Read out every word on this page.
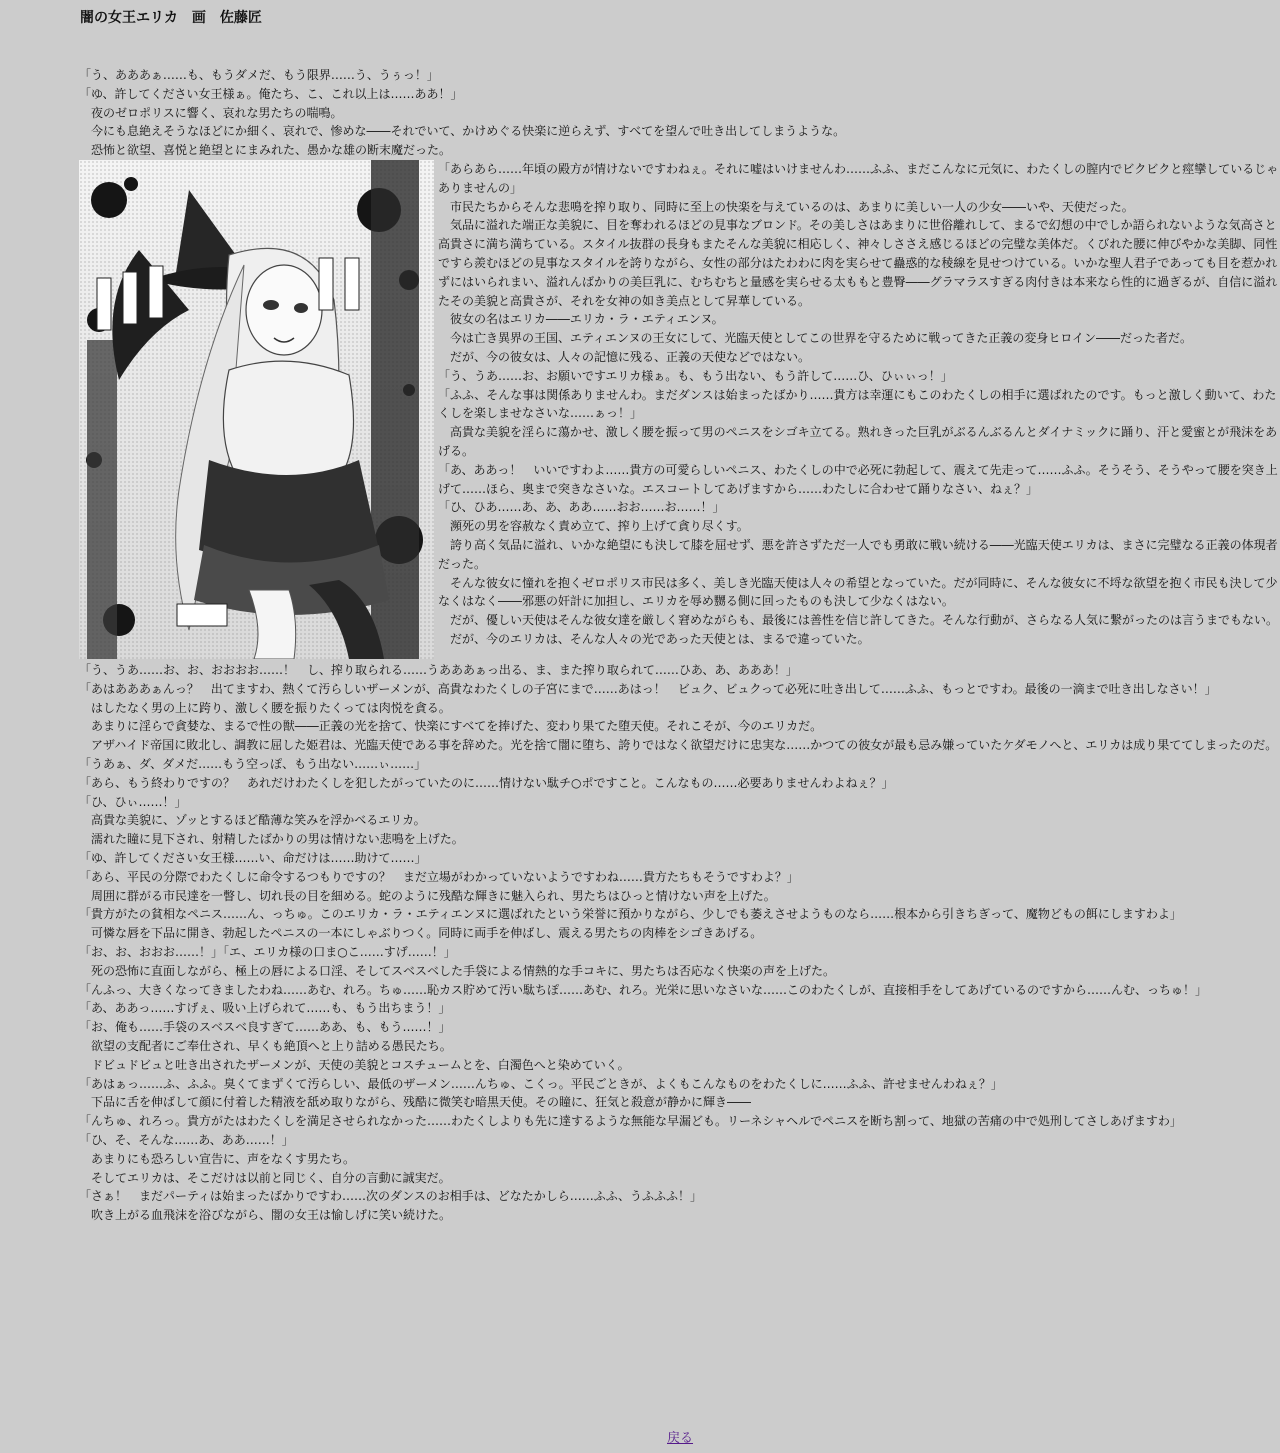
闇の女王エリカ　画　佐藤匠

「う、あああぁ……も、もうダメだ、もう限界……う、うぅっ！」

「ゆ、許してください女王様ぁ。俺たち、こ、これ以上は……ああ！」

　夜のゼロポリスに響く、哀れな男たちの喘鳴。

　今にも息絶えそうなほどにか細く、哀れで、惨めな――それでいて、かけめぐる快楽に逆らえず、すべてを望んで吐き出してしまうような。

　恐怖と欲望、喜悦と絶望とにまみれた、愚かな雄の断末魔だった。

「あらあら……年頃の殿方が情けないですわねぇ。それに嘘はいけませんわ……ふふ、まだこんなに元気に、わたくしの膣内でビクビクと痙攣しているじゃありませんの」

　市民たちからそんな悲鳴を搾り取り、同時に至上の快楽を与えているのは、あまりに美しい一人の少女――いや、天使だった。

　気品に溢れた端正な美貌に、目を奪われるほどの見事なブロンド。その美しさはあまりに世俗離れして、まるで幻想の中でしか語られないような気高さと高貴さに満ち満ちている。スタイル抜群の長身もまたそんな美貌に相応しく、神々しささえ感じるほどの完璧な美体だ。くびれた腰に伸びやかな美脚、同性ですら羨むほどの見事なスタイルを誇りながら、女性の部分はたわわに肉を実らせて蠱惑的な稜線を見せつけている。いかな聖人君子であっても目を惹かれずにはいられまい、溢れんばかりの美巨乳に、むちむちと量感を実らせる太ももと豊臀――グラマラスすぎる肉付きは本来なら性的に過ぎるが、自信に溢れたその美貌と高貴さが、それを女神の如き美点として昇華している。

　彼女の名はエリカ――エリカ・ラ・エティエンヌ。

　今は亡き異界の王国、エティエンヌの王女にして、光臨天使としてこの世界を守るために戦ってきた正義の変身ヒロイン――だった者だ。

　だが、今の彼女は、人々の記憶に残る、正義の天使などではない。

「う、うあ……お、お願いですエリカ様ぁ。も、もう出ない、もう許して……ひ、ひぃぃっ！」

「ふふ、そんな事は関係ありませんわ。まだダンスは始まったばかり……貴方は幸運にもこのわたくしの相手に選ばれたのです。もっと激しく動いて、わたくしを楽しませなさいな……ぁっ！」

　高貴な美貌を淫らに蕩かせ、激しく腰を振って男のペニスをシゴキ立てる。熟れきった巨乳がぶるんぶるんとダイナミックに踊り、汗と愛蜜とが飛沫をあげる。

「あ、ああっ！　いいですわよ……貴方の可愛らしいペニス、わたくしの中で必死に勃起して、震えて先走って……ふふ。そうそう、そうやって腰を突き上げて……ほら、奥まで突きなさいな。エスコートしてあげますから……わたしに合わせて踊りなさい、ねぇ？」

「ひ、ひあ……あ、あ、ああ……おお……お……！」

　瀕死の男を容赦なく責め立て、搾り上げて貪り尽くす。

　誇り高く気品に溢れ、いかな絶望にも決して膝を屈せず、悪を許さずただ一人でも勇敢に戦い続ける――光臨天使エリカは、まさに完璧なる正義の体現者だった。

　そんな彼女に憧れを抱くゼロポリス市民は多く、美しき光臨天使は人々の希望となっていた。だが同時に、そんな彼女に不埒な欲望を抱く市民も決して少なくはなく――邪悪の奸計に加担し、エリカを辱め嬲る側に回ったものも決して少なくはない。

　だが、優しい天使はそんな彼女達を厳しく窘めながらも、最後には善性を信じ許してきた。そんな行動が、さらなる人気に繋がったのは言うまでもない。

　だが、今のエリカは、そんな人々の光であった天使とは、まるで違っていた。

「う、うあ……お、お、おおおお……！　し、搾り取られる……うあああぁっ出る、ま、また搾り取られて……ひあ、あ、あああ！」

「あはあああぁんっ？　出てますわ、熱くて汚らしいザーメンが、高貴なわたくしの子宮にまで……あはっ！　ビュク、ビュクって必死に吐き出して……ふふ、もっとですわ。最後の一滴まで吐き出しなさい！」

　はしたなく男の上に跨り、激しく腰を振りたくっては肉悦を貪る。

　あまりに淫らで貪婪な、まるで性の獣――正義の光を捨て、快楽にすべてを捧げた、変わり果てた堕天使。それこそが、今のエリカだ。

　アザハイド帝国に敗北し、調教に屈した姫君は、光臨天使である事を辞めた。光を捨て闇に堕ち、誇りではなく欲望だけに忠実な……かつての彼女が最も忌み嫌っていたケダモノへと、エリカは成り果ててしまったのだ。

「うあぁ、ダ、ダメだ……もう空っぽ、もう出ない……ぃ……」

「あら、もう終わりですの？　あれだけわたくしを犯したがっていたのに……情けない駄チ○ポですこと。こんなもの……必要ありませんわよねぇ？」

「ひ、ひぃ……！」

　高貴な美貌に、ゾッとするほど酷薄な笑みを浮かべるエリカ。

　濡れた瞳に見下され、射精したばかりの男は情けない悲鳴を上げた。

「ゆ、許してください女王様……い、命だけは……助けて……」

「あら、平民の分際でわたくしに命令するつもりですの？　まだ立場がわかっていないようですわね……貴方たちもそうですわよ？」

　周囲に群がる市民達を一瞥し、切れ長の目を細める。蛇のように残酷な輝きに魅入られ、男たちはひっと情けない声を上げた。

「貴方がたの貧相なペニス……ん、っちゅ。このエリカ・ラ・エティエンヌに選ばれたという栄誉に預かりながら、少しでも萎えさせようものなら……根本から引きちぎって、魔物どもの餌にしますわよ」

　可憐な唇を下品に開き、勃起したペニスの一本にしゃぶりつく。同時に両手を伸ばし、震える男たちの肉棒をシゴきあげる。

「お、お、おおお……！」「エ、エリカ様の口ま○こ……すげ……！」

　死の恐怖に直面しながら、極上の唇による口淫、そしてスベスベした手袋による情熱的な手コキに、男たちは否応なく快楽の声を上げた。

「んふっ、大きくなってきましたわね……あむ、れろ。ちゅ……恥カス貯めて汚い駄ちぽ……あむ、れろ。光栄に思いなさいな……このわたくしが、直接相手をしてあげているのですから……んむ、っちゅ！」

「あ、ああっ……すげぇ、吸い上げられて……も、もう出ちまう！」

「お、俺も……手袋のスベスベ良すぎて……ああ、も、もう……！」

　欲望の支配者にご奉仕され、早くも絶頂へと上り詰める愚民たち。

　ドビュドビュと吐き出されたザーメンが、天使の美貌とコスチュームとを、白濁色へと染めていく。

「あはぁっ……ふ、ふふ。臭くてまずくて汚らしい、最低のザーメン……んちゅ、こくっ。平民ごときが、よくもこんなものをわたくしに……ふふ、許せませんわねぇ？」

　下品に舌を伸ばして顔に付着した精液を舐め取りながら、残酷に微笑む暗黒天使。その瞳に、狂気と殺意が静かに輝き――

「んちゅ、れろっ。貴方がたはわたくしを満足させられなかった……わたくしよりも先に達するような無能な早漏ども。リーネシャヘルでペニスを断ち割って、地獄の苦痛の中で処刑してさしあげますわ」

「ひ、そ、そんな……あ、ああ……！」

　あまりにも恐ろしい宣告に、声をなくす男たち。

　そしてエリカは、そこだけは以前と同じく、自分の言動に誠実だ。

「さぁ！　まだパーティは始まったばかりですわ……次のダンスのお相手は、どなたかしら……ふふ、うふふふ！」

　吹き上がる血飛沫を浴びながら、闇の女王は愉しげに笑い続けた。

戻る
